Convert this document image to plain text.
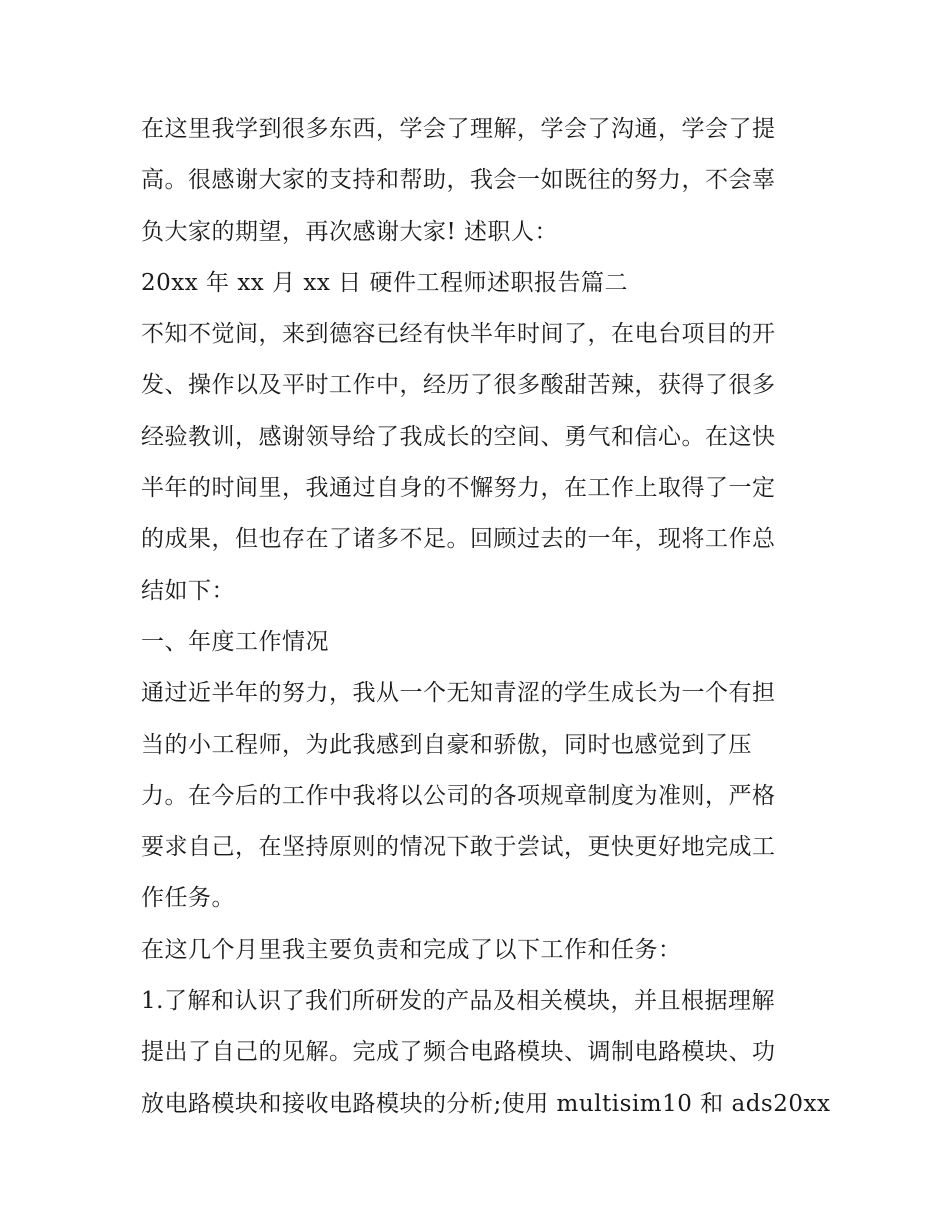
在这里我学到很多东西，学会了理解，学会了沟通，学会了提
高。很感谢大家的支持和帮助，我会一如既往的努力，不会辜
负大家的期望，再次感谢大家! 述职人：
20xx 年 xx 月 xx 日 硬件工程师述职报告篇二
不知不觉间，来到德容已经有快半年时间了，在电台项目的开
发、操作以及平时工作中，经历了很多酸甜苦辣，获得了很多
经验教训，感谢领导给了我成长的空间、勇气和信心。在这快
半年的时间里，我通过自身的不懈努力，在工作上取得了一定
的成果，但也存在了诸多不足。回顾过去的一年，现将工作总
结如下：
一、年度工作情况
通过近半年的努力，我从一个无知青涩的学生成长为一个有担
当的小工程师，为此我感到自豪和骄傲，同时也感觉到了压
力。在今后的工作中我将以公司的各项规章制度为准则，严格
要求自己，在坚持原则的情况下敢于尝试，更快更好地完成工
作任务。
在这几个月里我主要负责和完成了以下工作和任务：
1.了解和认识了我们所研发的产品及相关模块，并且根据理解
提出了自己的见解。完成了频合电路模块、调制电路模块、功
放电路模块和接收电路模块的分析;使用 multisim10 和 ads20xx
